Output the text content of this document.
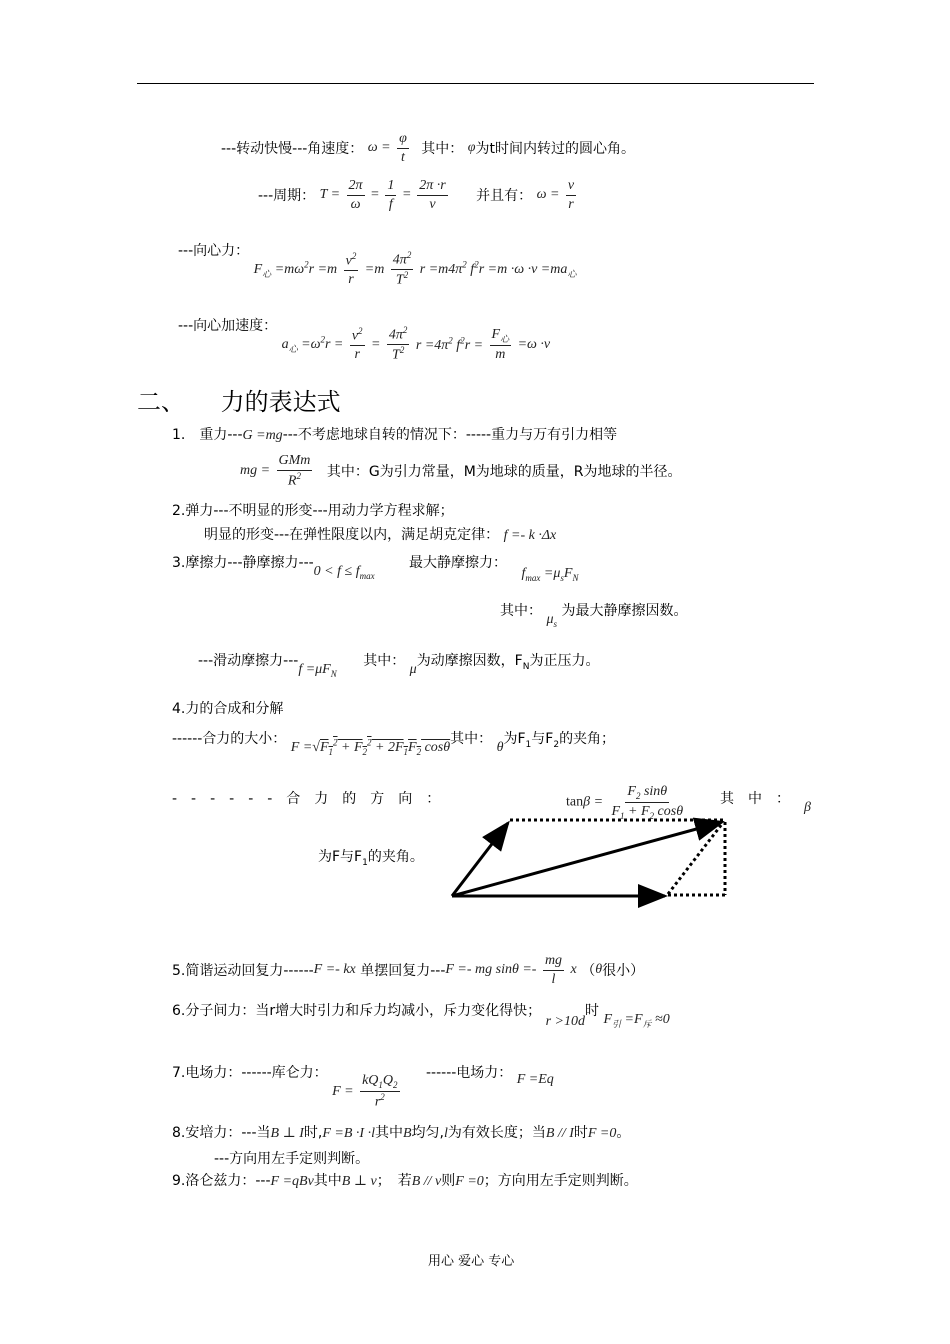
---转动快慢---角速度： $\omega = \frac{\varphi}{t}$ 其中： φ为t时间内转过的圆心角。
---周期： $T = \frac{2\pi}{\omega} = \frac{1}{f} = \frac{2\pi \cdot r}{v}$ 并且有： $\omega = \frac{v}{r}$
---向心力： $F_心 =m\omega^2r =m \frac{v^2}{r} =m \frac{4\pi^2}{T^2}$ $r =m4\pi^2$ $f^2r =m \cdot\omega \cdot v =ma_心$
---向心加速度： $a_心 =\omega^2r = \frac{v^2}{r} = \frac{4\pi^2}{T^2}$ $r =4\pi^2$ $f^2r = \frac{F_心}{m} =\omega \cdot v$
二、 力的表达式
1.　重力---G =mg---不考虑地球自转的情况下：-----重力与万有引力相等
mg = $\frac{\text{GMm}}{R^2}$ 其中：G为引力常量，M为地球的质量，R为地球的半径。
2.弹力---不明显的形变---用动力学方程求解；
明显的形变---在弹性限度以内，满足胡克定律： f =- k ·Δx
3.摩擦力---静摩擦力$---0 < f \le f_{max}$ 最大静摩擦力： $f_{max} =\mu_sF_N$
其中： $\mu_s$ 为最大静摩擦因数。
---滑动摩擦力$---f =\mu F_N$ 其中： μ为动摩擦因数，$F_N$为正压力。
4.力的合成和分解
------合力的大小： $F =√F_1^2 + F_2^2 + 2F_1F_2$ cosθ其中： θ为$F_1$与$F_2$的夹角；
------合力的方向：	$\tan\beta = \frac{F_2 \sin\theta}{F_1 + F_2 \cos\theta}$ 其中：
β
为F与$F_1$的夹角。
5.简谐运动回复力------F =- kx 单摆回复力---F =- mg $\sin\theta =- \frac{mg}{l}$ x （θ很小）
6.分子间力：当r增大时引力和斥力均减小，斥力变化得快； r >10d时 $F_引 =F_斥 \approx 0$
7.电场力：------库仑力： $F = \frac{kQ_1Q_2}{r^2}$ ------电场力： F =Eq
8.安培力：---当B ⊥ I时,F =B ·I ·l其中B均匀,l为有效长度；当B // I时F =0。
---方向用左手定则判断。
9.洛仑兹力：---F =qBv其中B ⊥ v；　若B // v则F =0；方向用左手定则判断。
用心 爱心 专心
